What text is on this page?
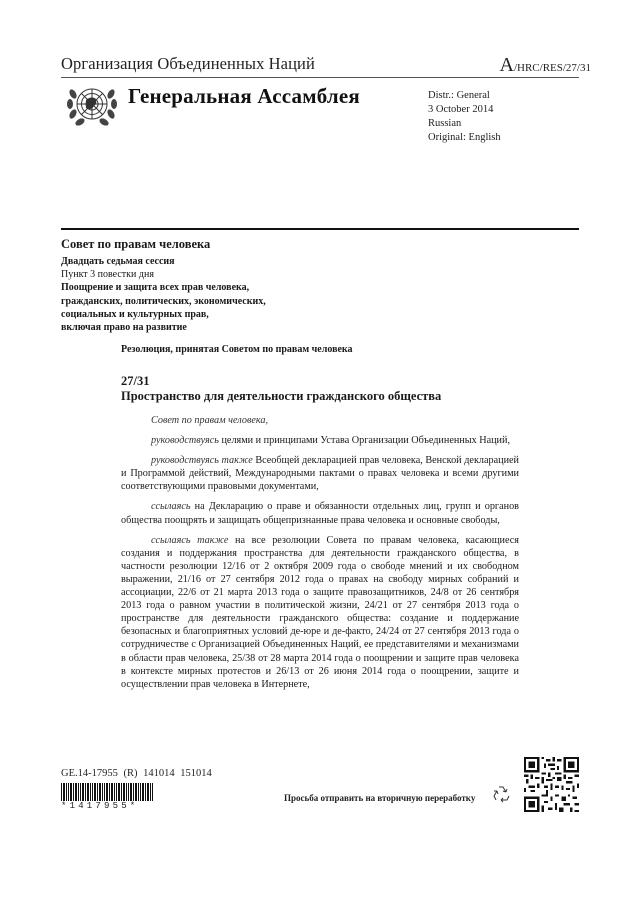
Организация Объединенных Наций	A/HRC/RES/27/31
Генеральная Ассамблея	Distr.: General
3 October 2014
Russian
Original: English
Совет по правам человека
Двадцать седьмая сессия
Пункт 3 повестки дня
Поощрение и защита всех прав человека,
гражданских, политических, экономических,
социальных и культурных прав,
включая право на развитие
Резолюция, принятая Советом по правам человека
27/31
Пространство для деятельности гражданского общества

Совет по правам человека,

руководствуясь целями и принципами Устава Организации Объединенных Наций,

руководствуясь также Всеобщей декларацией прав человека, Венской декларацией и Программой действий, Международными пактами о правах человека и всеми другими соответствующими правовыми документами,

ссылаясь на Декларацию о праве и обязанности отдельных лиц, групп и органов общества поощрять и защищать общепризнанные права человека и основные свободы,

ссылаясь также на все резолюции Совета по правам человека, касающиеся создания и поддержания пространства для деятельности гражданского общества, в частности резолюции 12/16 от 2 октября 2009 года о свободе мнений и их свободном выражении, 21/16 от 27 сентября 2012 года о правах на свободу мирных собраний и ассоциации, 22/6 от 21 марта 2013 года о защите правозащитников, 24/8 от 26 сентября 2013 года о равном участии в политической жизни, 24/21 от 27 сентября 2013 года о пространстве для деятельности гражданского общества: создание и поддержание безопасных и благоприятных условий де-юре и де-факто, 24/24 от 27 сентября 2013 года о сотрудничестве с Организацией Объединенных Наций, ее представителями и механизмами в области прав человека, 25/38 от 28 марта 2014 года о поощрении и защите прав человека в контексте мирных протестов и 26/13 от 26 июня 2014 года о поощрении, защите и осуществлении прав человека в Интернете,

GE.14-17955 (R) 141014 151014
*1417955*
Просьба отправить на вторичную переработку
